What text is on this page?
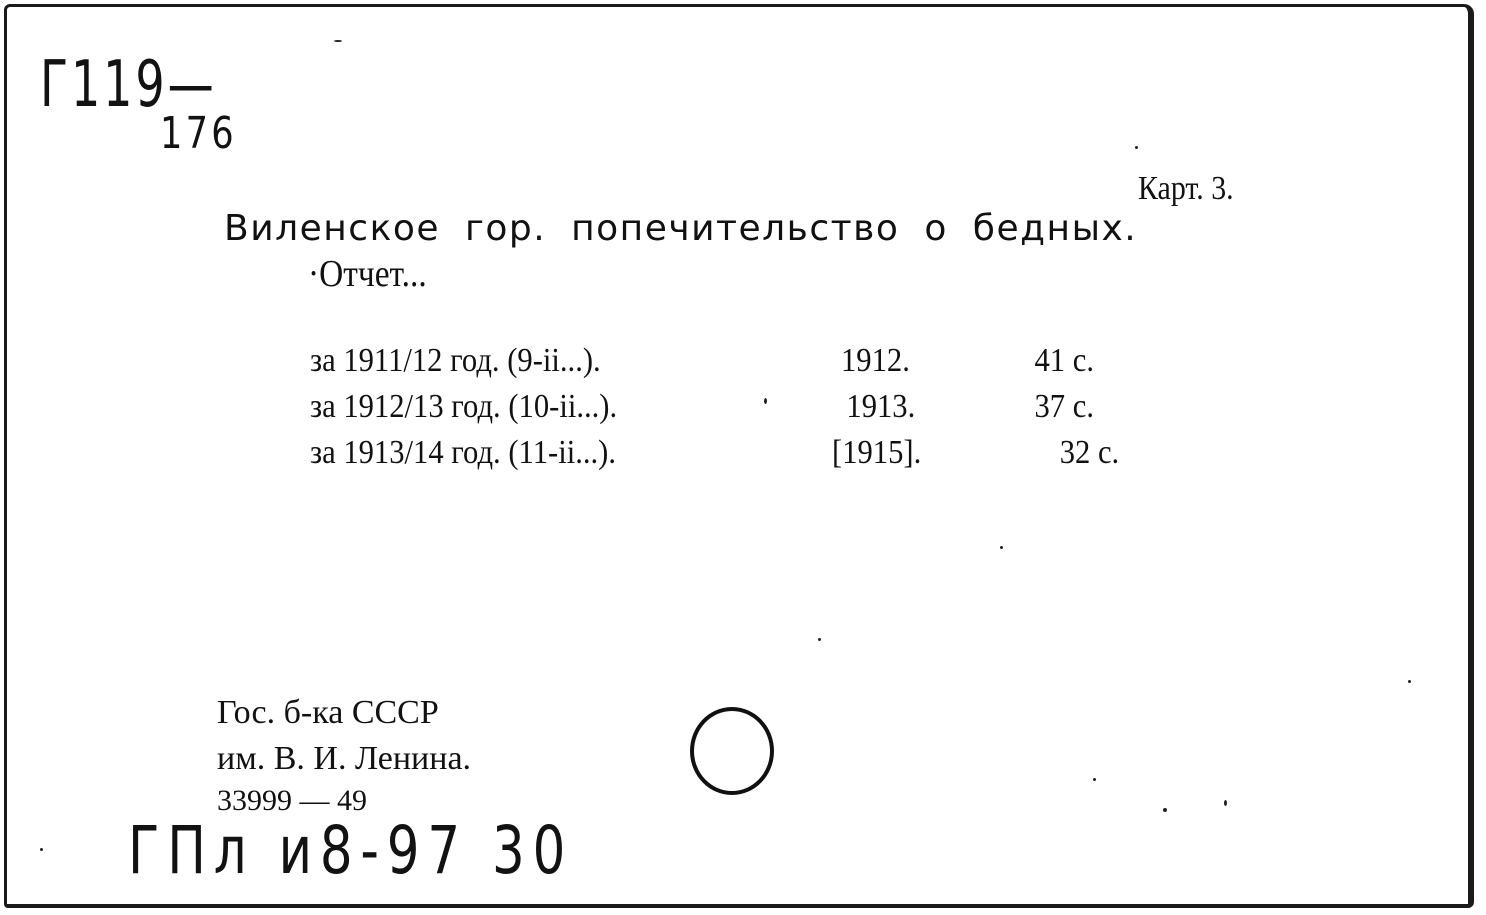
Г119—
176
Карт. 3.
Виленское гор. попечительство о бедных.
·Отчет...
за 1911/12 год. (9-ii...).	1912.	41 с.
за 1912/13 год. (10-ii...).	1913.	37 с.
за 1913/14 год. (11-ii...).	[1915].	32 с.
Гос. б-ка СССР
им. В. И. Ленина.
33999 — 49
ГПл и8-97 30
